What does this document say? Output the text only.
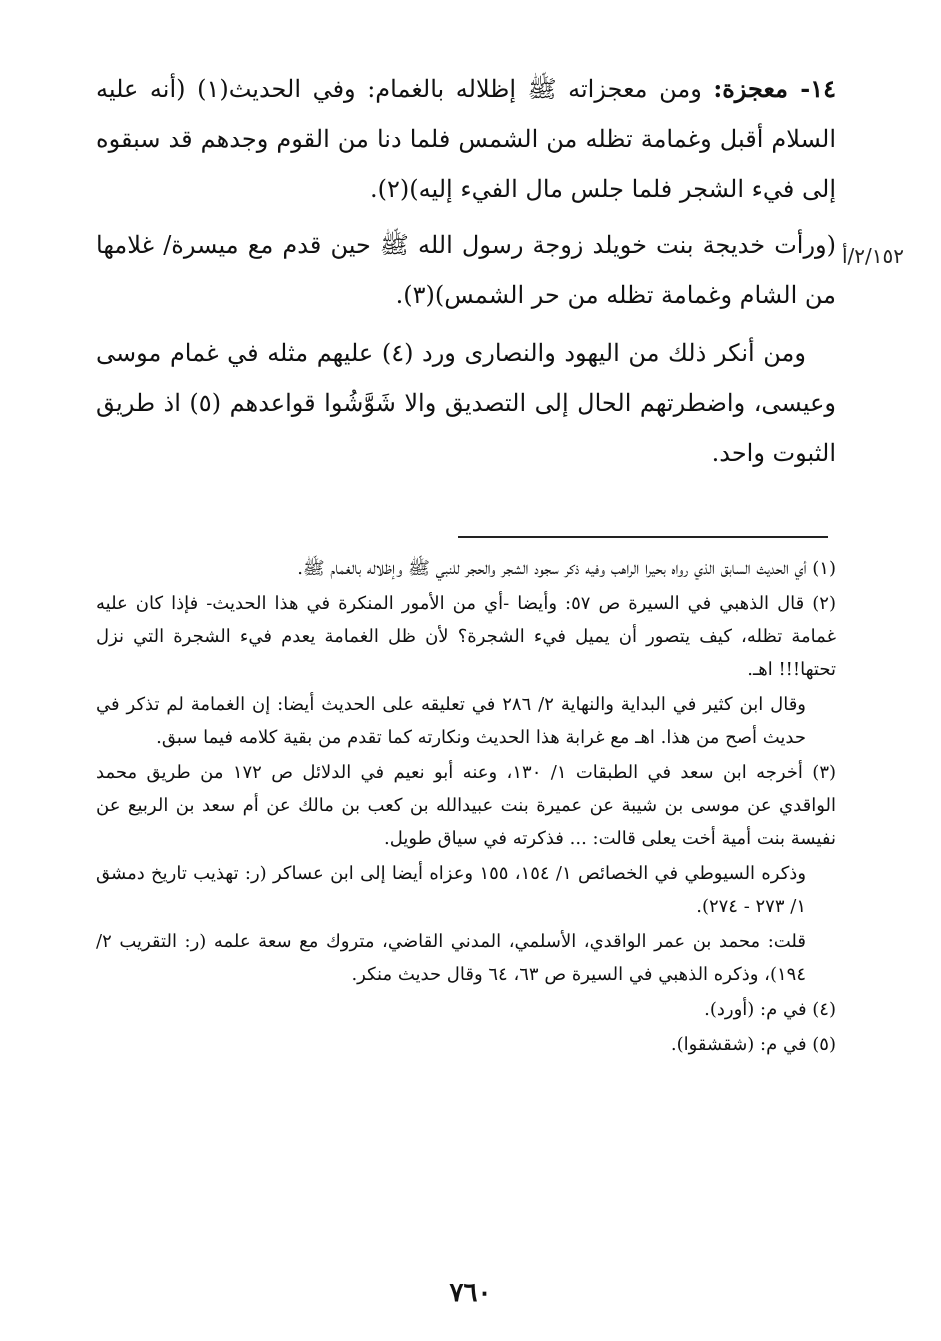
١٤- معجزة: ومن معجزاته ﷺ إظلاله بالغمام: وفي الحديث(١) (أنه عليه السلام أقبل وغمامة تظله من الشمس فلما دنا من القوم وجدهم قد سبقوه إلى فيء الشجر فلما جلس مال الفيء إليه)(٢).

(ورأت خديجة بنت خويلد زوجة رسول الله ﷺ حين قدم مع ميسرة/ غلامها من الشام وغمامة تظله من حر الشمس)(٣).

ومن أنكر ذلك من اليهود والنصارى ورد (٤) عليهم مثله في غمام موسى وعيسى، واضطرتهم الحال إلى التصديق والا شَوَّشُوا قواعدهم (٥) اذ طريق الثبوت واحد.

٢/١٥٢/أ

(١) أي الحديث السابق الذي رواه بحيرا الراهب وفيه ذكر سجود الشجر والحجر للنبي ﷺ وإظلاله بالغمام ﷺ.

(٢) قال الذهبي في السيرة ص ٥٧: وأيضا -أي من الأمور المنكرة في هذا الحديث- فإذا كان عليه غمامة تظله، كيف يتصور أن يميل فيء الشجرة؟ لأن ظل الغمامة يعدم فيء الشجرة التي نزل تحتها!!! اهـ.

وقال ابن كثير في البداية والنهاية ٢/ ٢٨٦ في تعليقه على الحديث أيضا: إن الغمامة لم تذكر في حديث أصح من هذا. اهـ مع غرابة هذا الحديث ونكارته كما تقدم من بقية كلامه فيما سبق.

(٣) أخرجه ابن سعد في الطبقات ١/ ١٣٠، وعنه أبو نعيم في الدلائل ص ١٧٢ من طريق محمد الواقدي عن موسى بن شيبة عن عميرة بنت عبيدالله بن كعب بن مالك عن أم سعد بن الربيع عن نفيسة بنت أمية أخت يعلى قالت: ... فذكرته في سياق طويل.

وذكره السيوطي في الخصائص ١/ ١٥٤، ١٥٥ وعزاه أيضا إلى ابن عساكر (ر: تهذيب تاريخ دمشق ١/ ٢٧٣ - ٢٧٤).

قلت: محمد بن عمر الواقدي، الأسلمي، المدني القاضي، متروك مع سعة علمه (ر: التقريب ٢/ ١٩٤)، وذكره الذهبي في السيرة ص ٦٣، ٦٤ وقال حديث منكر.

(٤) في م: (أورد).

(٥) في م: (شقشقوا).

٧٦٠
